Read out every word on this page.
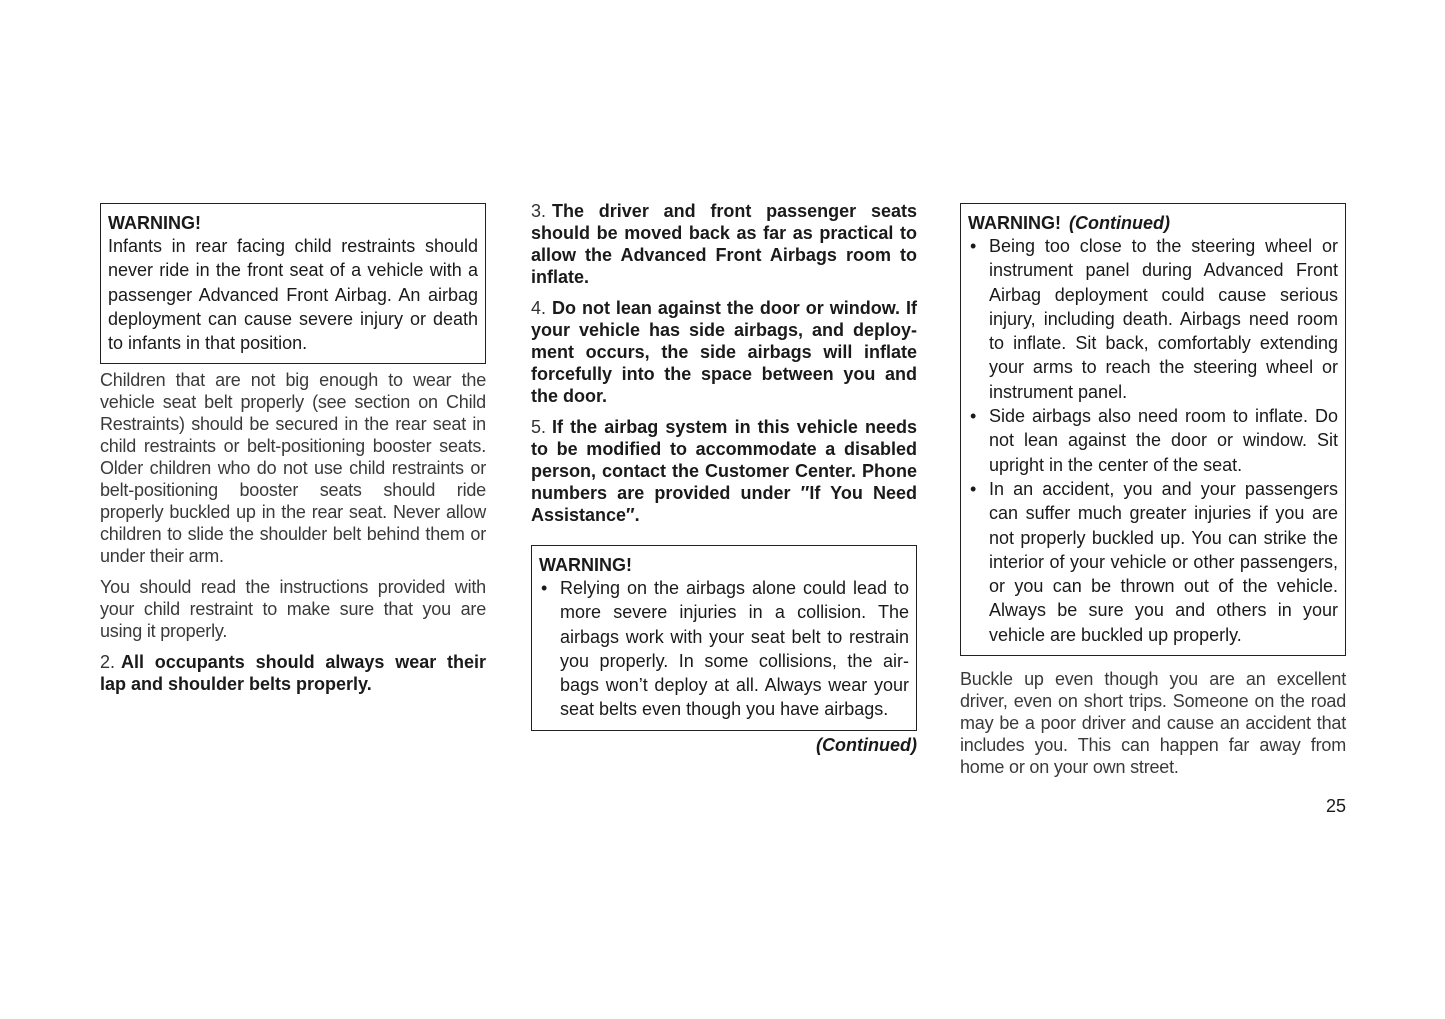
WARNING!

Infants in rear facing child restraints should never ride in the front seat of a vehicle with a passenger Advanced Front Airbag. An airbag deployment can cause severe injury or death to infants in that position.

Children that are not big enough to wear the vehicle seat belt properly (see section on Child Restraints) should be secured in the rear seat in child restraints or belt-positioning booster seats. Older children who do not use child restraints or belt-positioning booster seats should ride properly buckled up in the rear seat. Never allow children to slide the shoulder belt behind them or under their arm.

You should read the instructions provided with your child restraint to make sure that you are using it properly.

2. All occupants should always wear their lap and shoulder belts properly.

3. The driver and front passenger seats should be moved back as far as practical to allow the Advanced Front Airbags room to inflate.

4. Do not lean against the door or window. If your vehicle has side airbags, and deploy-ment occurs, the side airbags will inflate forcefully into the space between you and the door.

5. If the airbag system in this vehicle needs to be modified to accommodate a disabled person, contact the Customer Center. Phone numbers are provided under ″If You Need Assistance″.

WARNING!

• Relying on the airbags alone could lead to more severe injuries in a collision. The airbags work with your seat belt to restrain you properly. In some collisions, the air-bags won’t deploy at all. Always wear your seat belts even though you have airbags.

(Continued)

WARNING! (Continued)

• Being too close to the steering wheel or instrument panel during Advanced Front Airbag deployment could cause serious injury, including death. Airbags need room to inflate. Sit back, comfortably extending your arms to reach the steering wheel or instrument panel.
• Side airbags also need room to inflate. Do not lean against the door or window. Sit upright in the center of the seat.
• In an accident, you and your passengers can suffer much greater injuries if you are not properly buckled up. You can strike the interior of your vehicle or other passengers, or you can be thrown out of the vehicle. Always be sure you and others in your vehicle are buckled up properly.

Buckle up even though you are an excellent driver, even on short trips. Someone on the road may be a poor driver and cause an accident that includes you. This can happen far away from home or on your own street.

25
